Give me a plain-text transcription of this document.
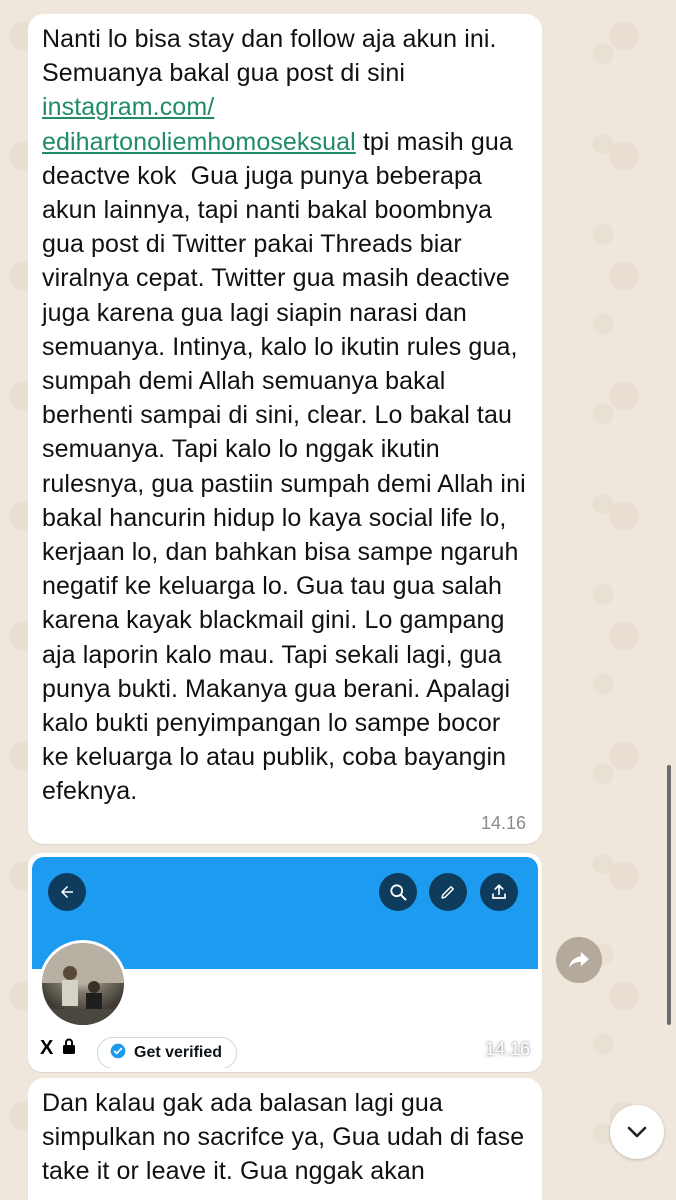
Nanti lo bisa stay dan follow aja akun ini. Semuanya bakal gua post di sini instagram.com/
edihartonoliemhomoseksual tpi masih gua deactve kok  Gua juga punya beberapa akun lainnya, tapi nanti bakal boombnya gua post di Twitter pakai Threads biar viralnya cepat. Twitter gua masih deactive juga karena gua lagi siapin narasi dan semuanya. Intinya, kalo lo ikutin rules gua, sumpah demi Allah semuanya bakal berhenti sampai di sini, clear. Lo bakal tau semuanya. Tapi kalo lo nggak ikutin rulesnya, gua pastiin sumpah demi Allah ini bakal hancurin hidup lo kaya social life lo, kerjaan lo, dan bahkan bisa sampe ngaruh negatif ke keluarga lo. Gua tau gua salah karena kayak blackmail gini. Lo gampang aja laporin kalo mau. Tapi sekali lagi, gua punya bukti. Makanya gua berani. Apalagi kalo bukti penyimpangan lo sampe bocor ke keluarga lo atau publik, coba bayangin efeknya.
14.16
X	Get verified	14.16
Dan kalau gak ada balasan lagi gua simpulkan no sacrifce ya, Gua udah di fase take it or leave it. Gua nggak akan
